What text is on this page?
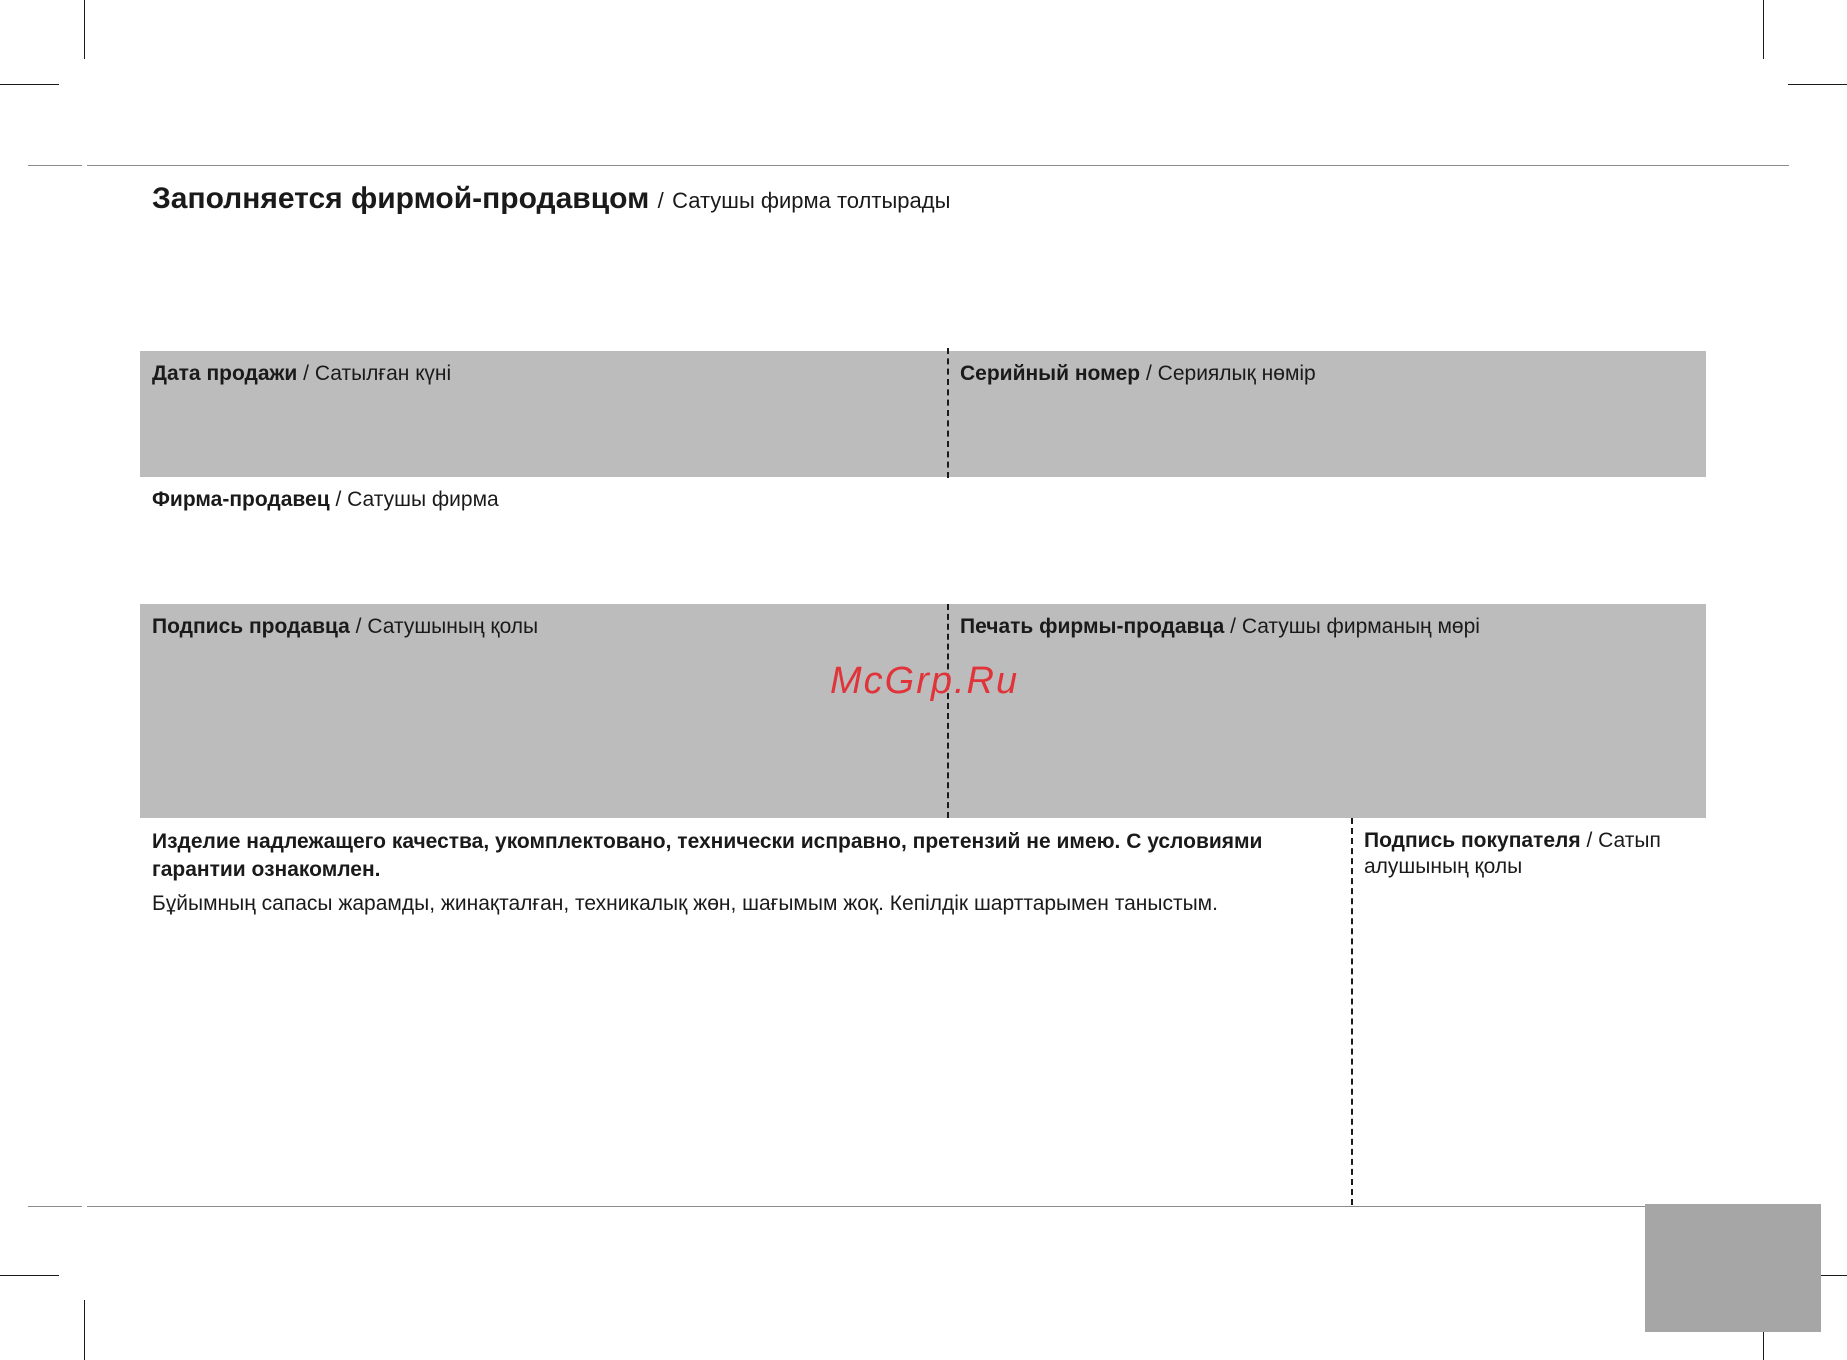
Заполняется фирмой-продавцом / Сатушы фирма толтырады
Дата продажи / Сатылған күні	Серийный номер / Сериялық нөмір
Фирма-продавец / Сатушы фирма
Подпись продавца / Сатушының қолы	Печать фирмы-продавца / Сатушы фирманың мөрі
McGrp.Ru
Изделие надлежащего качества, укомплектовано, технически исправно, претензий не имею. С условиями гарантии ознакомлен.
Бұйымның сапасы жарамды, жинақталған, техникалық жөн, шағымым жоқ. Кепілдік шарттарымен таныстым.
Подпись покупателя / Сатып алушының қолы
